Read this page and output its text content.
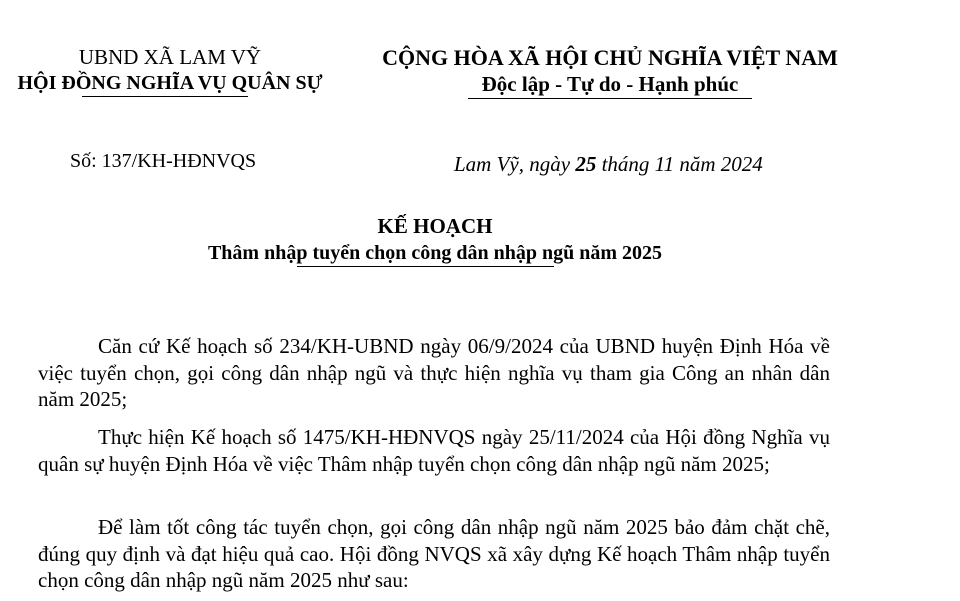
UBND XÃ LAM VỸ
HỘI ĐỒNG NGHĨA VỤ QUÂN SỰ
CỘNG HÒA XÃ HỘI CHỦ NGHĨA VIỆT NAM
Độc lập - Tự do - Hạnh phúc
Số: 137/KH-HĐNVQS	Lam Vỹ, ngày 25 tháng 11 năm 2024
KẾ HOẠCH
Thâm nhập tuyển chọn công dân nhập ngũ năm 2025
Căn cứ Kế hoạch số 234/KH-UBND ngày 06/9/2024 của UBND huyện Định Hóa về việc tuyển chọn, gọi công dân nhập ngũ và thực hiện nghĩa vụ tham gia Công an nhân dân năm 2025;
Thực hiện Kế hoạch số 1475/KH-HĐNVQS ngày 25/11/2024 của Hội đồng Nghĩa vụ quân sự huyện Định Hóa về việc Thâm nhập tuyển chọn công dân nhập ngũ năm 2025;
Để làm tốt công tác tuyển chọn, gọi công dân nhập ngũ năm 2025 bảo đảm chặt chẽ, đúng quy định và đạt hiệu quả cao. Hội đồng NVQS xã xây dựng Kế hoạch Thâm nhập tuyển chọn công dân nhập ngũ năm 2025 như sau:
